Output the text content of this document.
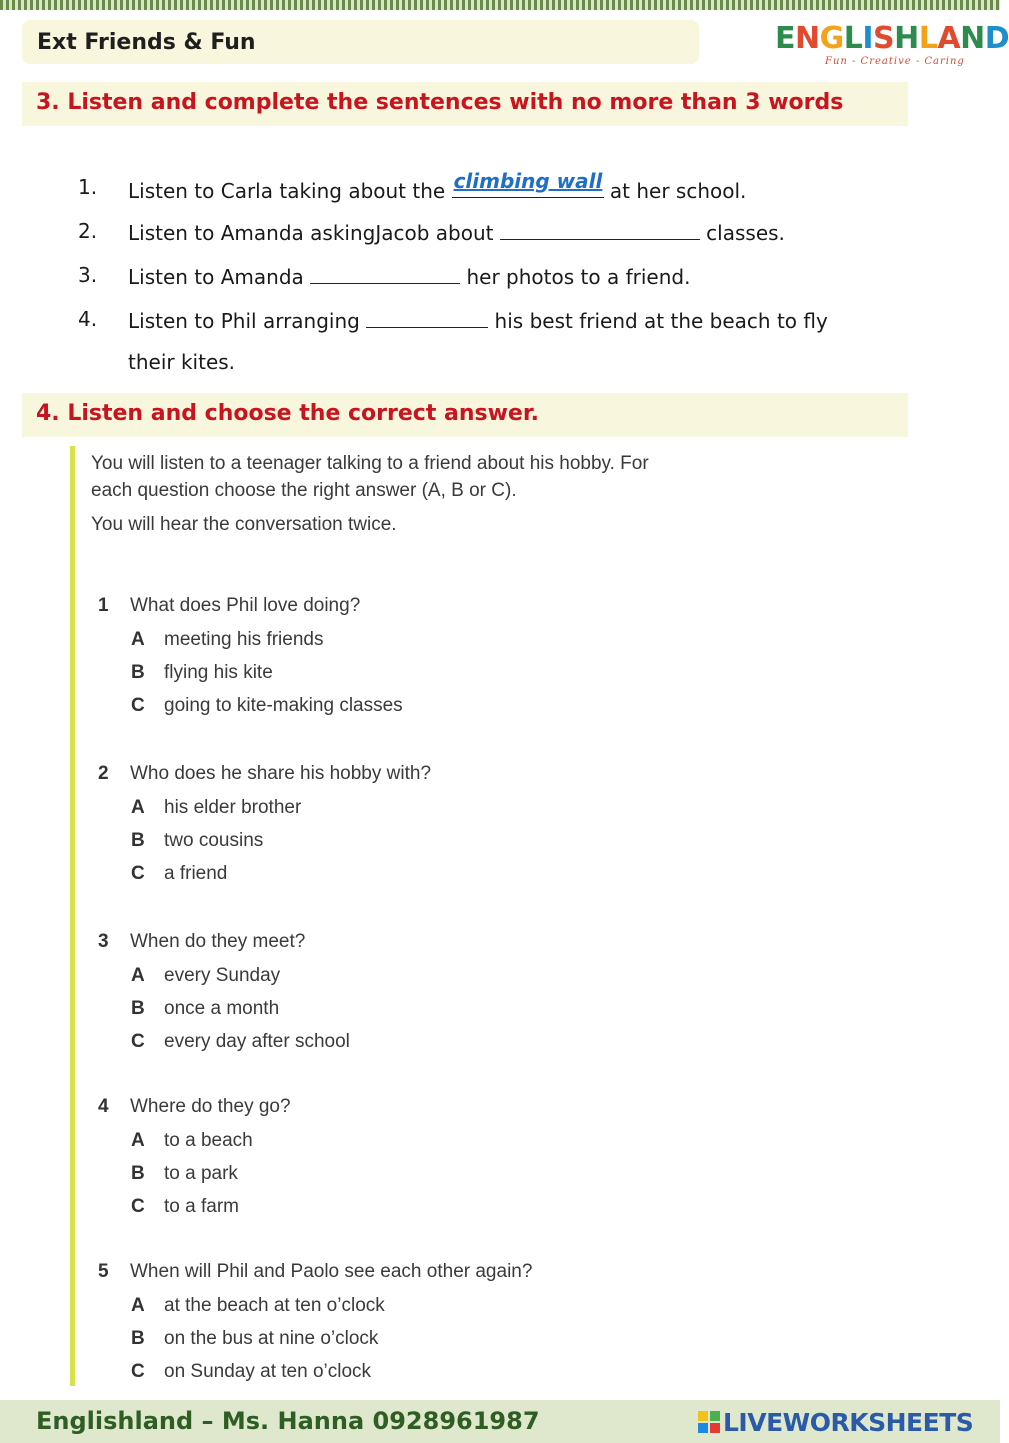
Ext Friends & Fun	ENGLISHLAND
Fun - Creative - Caring
3. Listen and complete the sentences with no more than 3 words
1. Listen to Carla taking about the climbing wall at her school.
2. Listen to Amanda askingJacob about	classes.
3. Listen to Amanda	her photos to a friend.
4. Listen to Phil arranging	his best friend at the beach to fly
their kites.
4. Listen and choose the correct answer.

You will listen to a teenager talking to a friend about his hobby. For each question choose the right answer (A, B or C).

You will hear the conversation twice.

1 What does Phil love doing?
A meeting his friends
B flying his kite
C going to kite-making classes
2 Who does he share his hobby with?
A his elder brother
B two cousins
C a friend
3 When do they meet?
A every Sunday
B once a month
C every day after school
4 Where do they go?
A to a beach
B to a park
C to a farm
5 When will Phil and Paolo see each other again?
A at the beach at ten o’clock
B on the bus at nine o’clock
C on Sunday at ten o’clock
Englishland – Ms. Hanna 0928961987	LIVEWORKSHEETS
